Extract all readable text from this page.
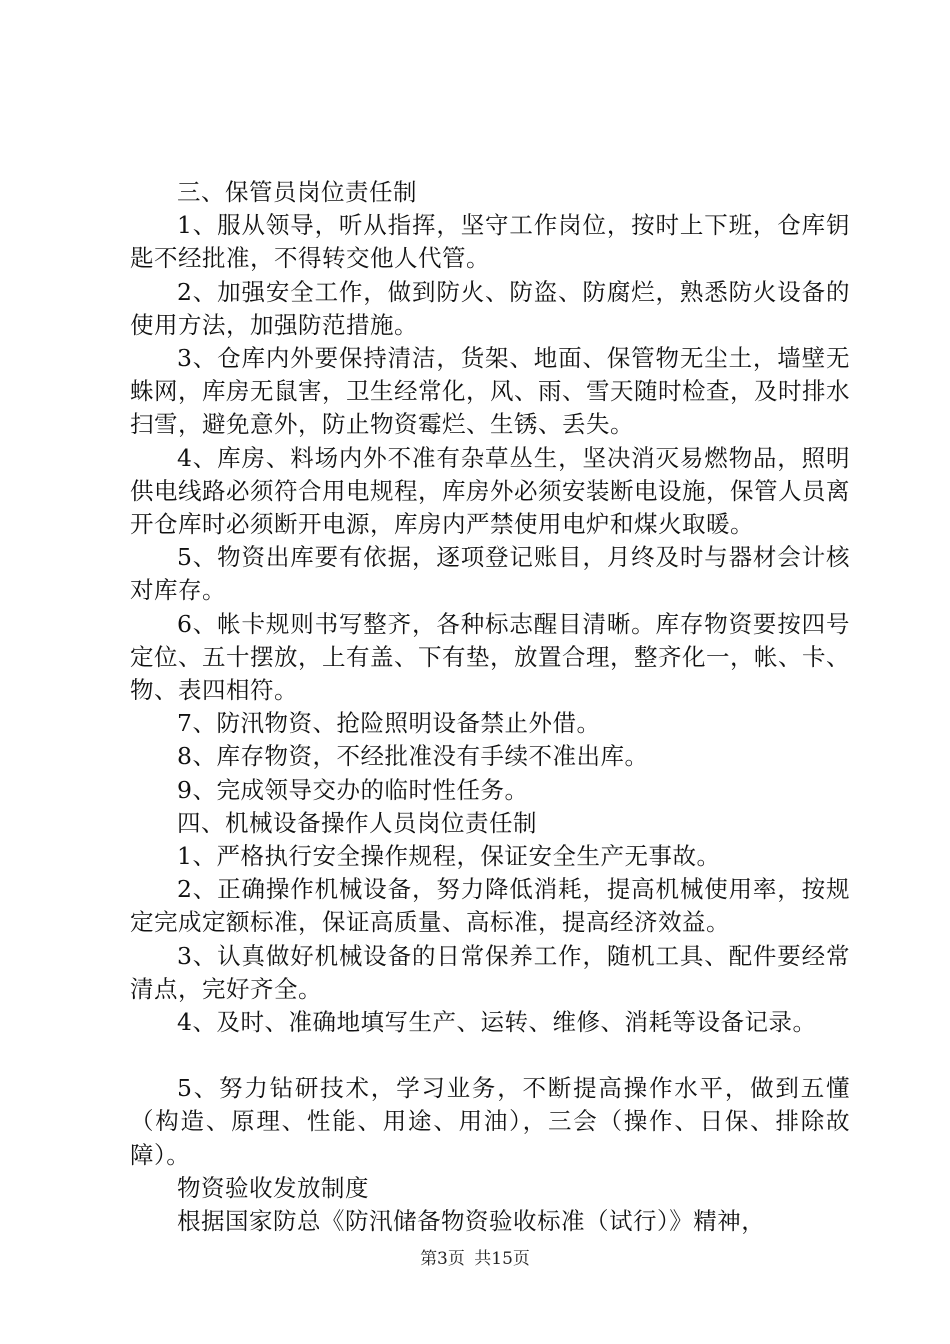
三、保管员岗位责任制

1、服从领导，听从指挥，坚守工作岗位，按时上下班，仓库钥匙不经批准，不得转交他人代管。

2、加强安全工作，做到防火、防盗、防腐烂，熟悉防火设备的使用方法，加强防范措施。

3、仓库内外要保持清洁，货架、地面、保管物无尘土，墙壁无蛛网，库房无鼠害，卫生经常化，风、雨、雪天随时检查，及时排水扫雪，避免意外，防止物资霉烂、生锈、丢失。

4、库房、料场内外不准有杂草丛生，坚决消灭易燃物品，照明供电线路必须符合用电规程，库房外必须安装断电设施，保管人员离开仓库时必须断开电源，库房内严禁使用电炉和煤火取暖。

5、物资出库要有依据，逐项登记账目，月终及时与器材会计核对库存。

6、帐卡规则书写整齐，各种标志醒目清晰。库存物资要按四号定位、五十摆放，上有盖、下有垫，放置合理，整齐化一，帐、卡、物、表四相符。

7、防汛物资、抢险照明设备禁止外借。

8、库存物资，不经批准没有手续不准出库。

9、完成领导交办的临时性任务。

四、机械设备操作人员岗位责任制

1、严格执行安全操作规程，保证安全生产无事故。

2、正确操作机械设备，努力降低消耗，提高机械使用率，按规定完成定额标准，保证高质量、高标准，提高经济效益。

3、认真做好机械设备的日常保养工作，随机工具、配件要经常清点，完好齐全。

4、及时、准确地填写生产、运转、维修、消耗等设备记录。

5、努力钻研技术，学习业务，不断提高操作水平，做到五懂（构造、原理、性能、用途、用油），三会（操作、日保、排除故障）。

物资验收发放制度

根据国家防总《防汛储备物资验收标准（试行）》精神，

第3页 共15页
